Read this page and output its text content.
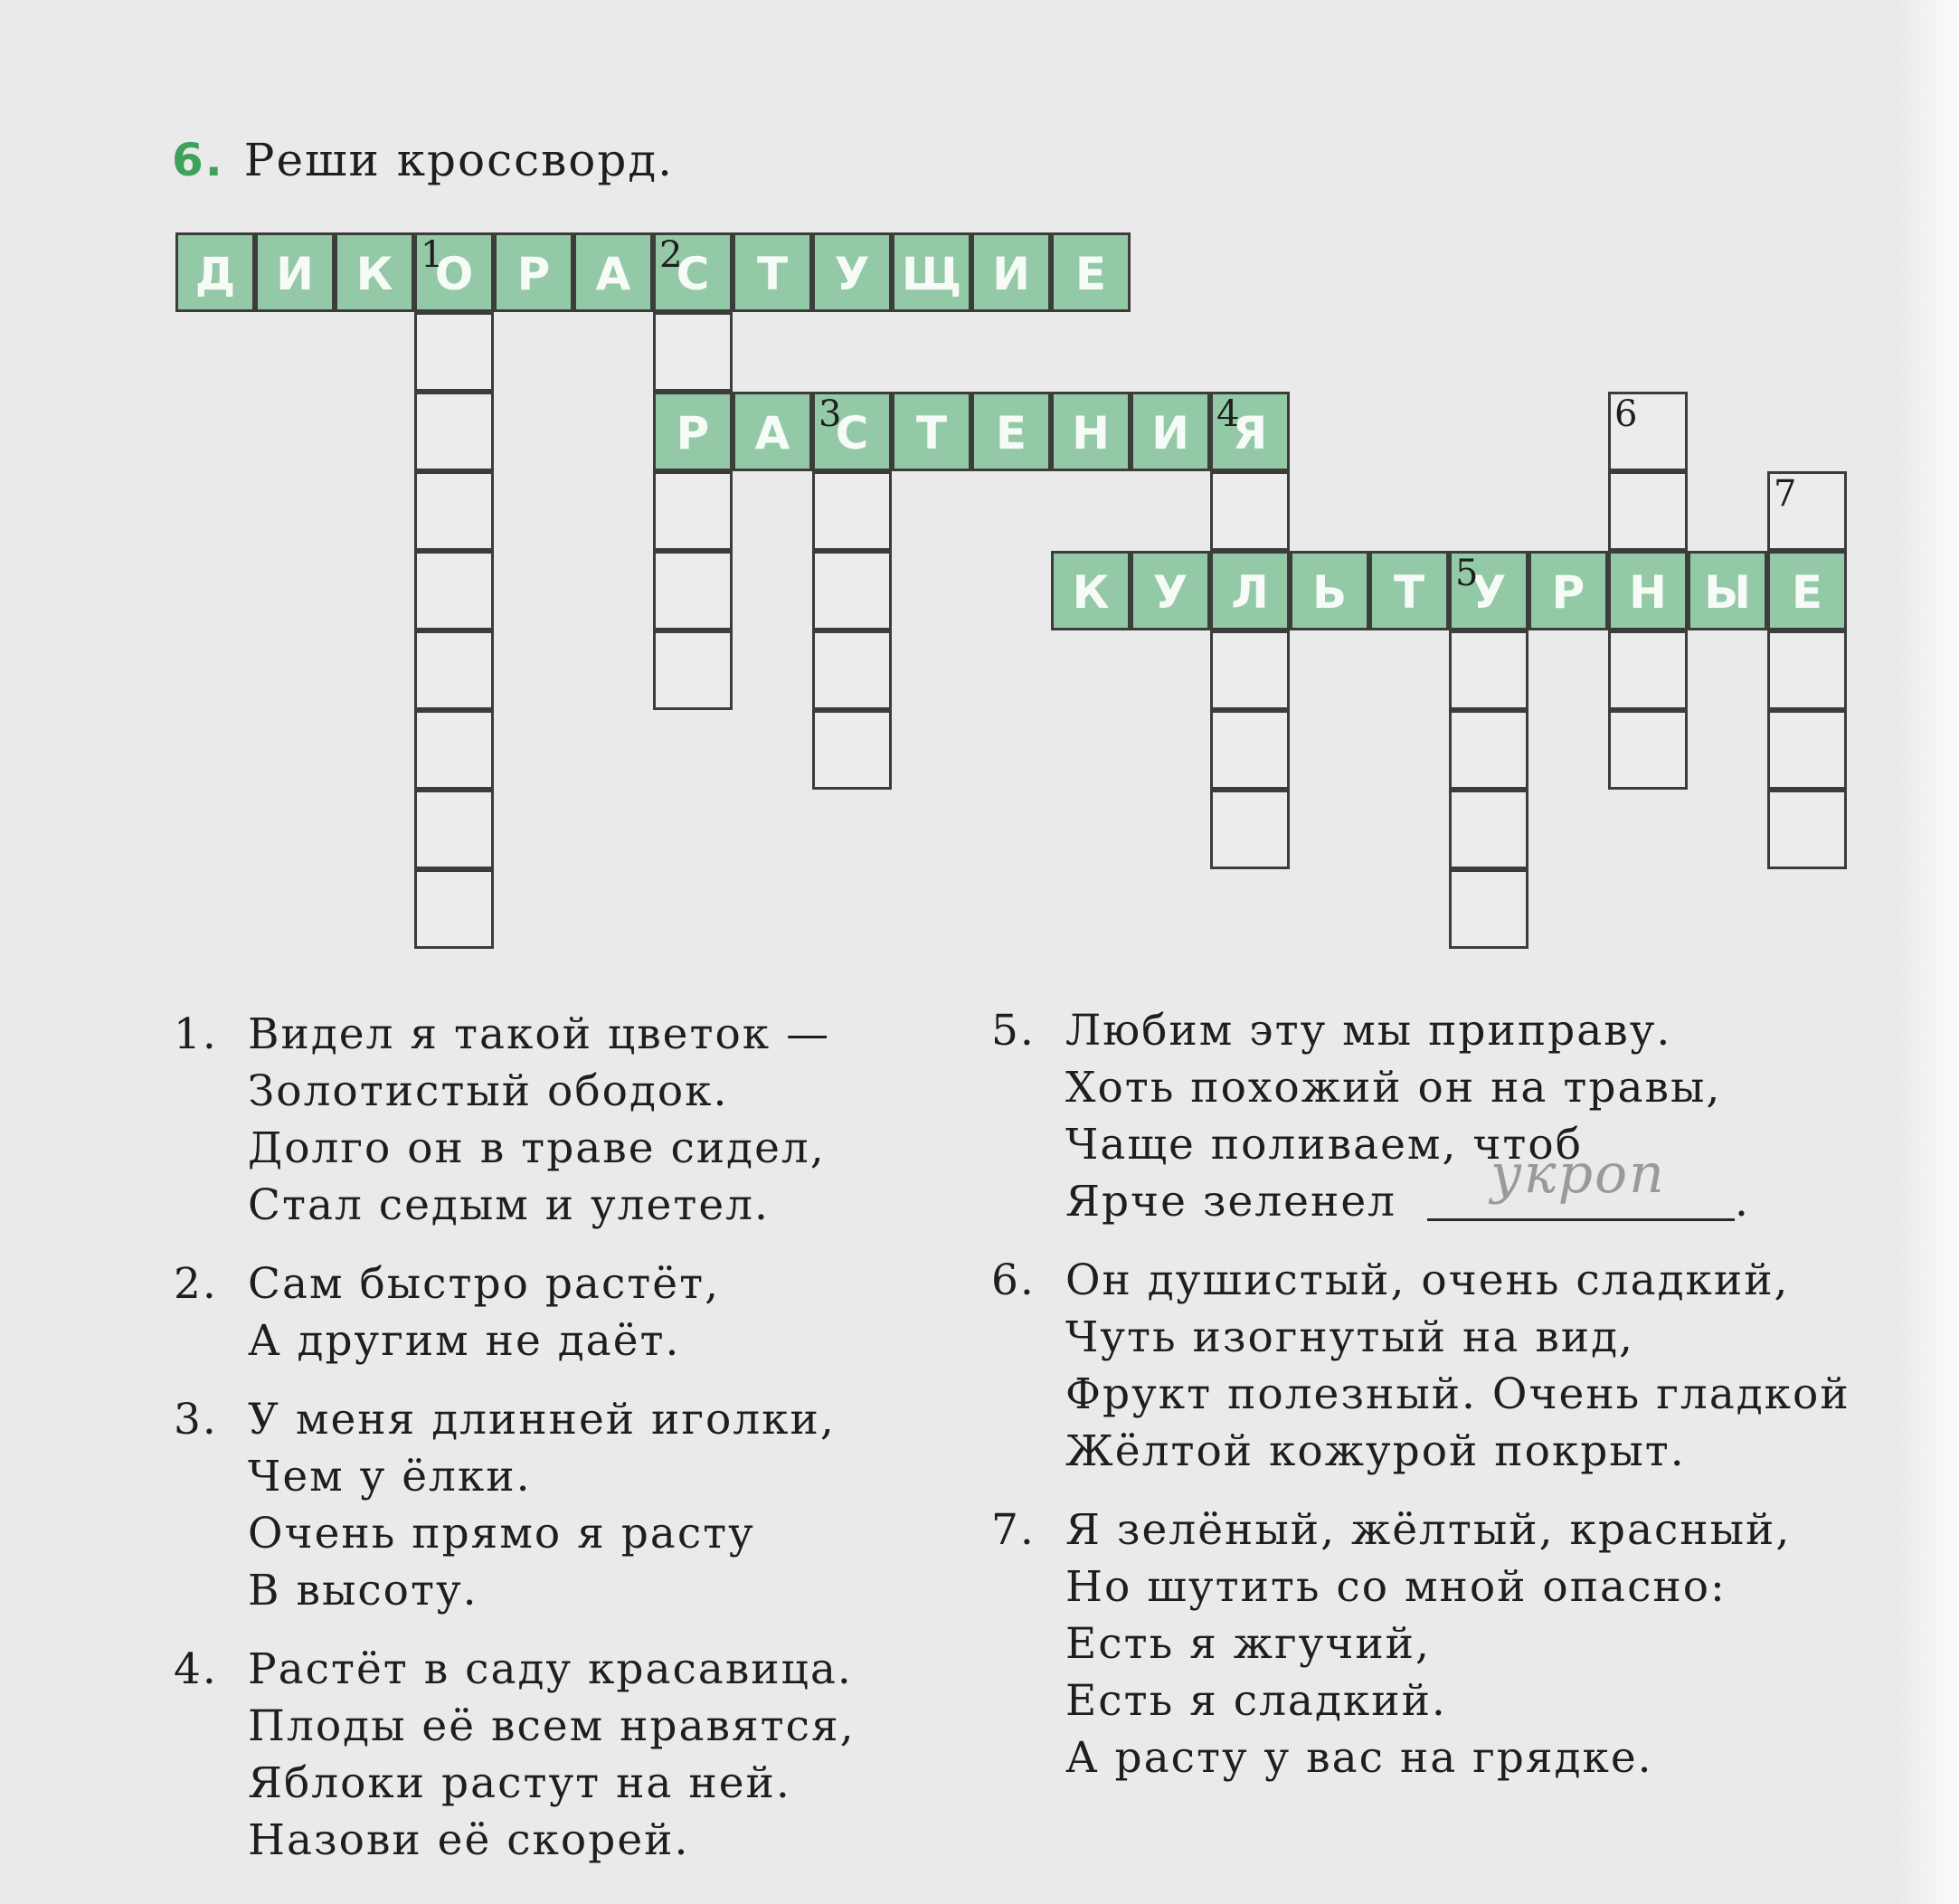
6. Реши кроссворд.
Д И К О Р	А	С	Т	У Щ И	Е
Р	А	С	Т	Е Н И Я
К У Л Ь	Т	У	Р Н Ы Е
1	2
3	4
5
6
7
1. Видел я такой цветок —
Золотистый ободок.
Долго он в траве сидел,
Стал седым и улетел.
2. Сам быстро растёт,
А другим не даёт.
3. У меня длинней иголки,
Чем у ёлки.
Очень прямо я расту
В высоту.
4. Растёт в саду красавица.
Плоды её всем нравятся,
Яблоки растут на ней.
Назови её скорей.
5. Любим эту мы приправу.
Хоть похожий он на травы,
Чаще поливаем, чтоб
Ярче зеленел укроп .
6. Он душистый, очень сладкий,
Чуть изогнутый на вид,
Фрукт полезный. Очень гладкой
Жёлтой кожурой покрыт.
7. Я зелёный, жёлтый, красный,
Но шутить со мной опасно:
Есть я жгучий,
Есть я сладкий.
А расту у вас на грядке.
